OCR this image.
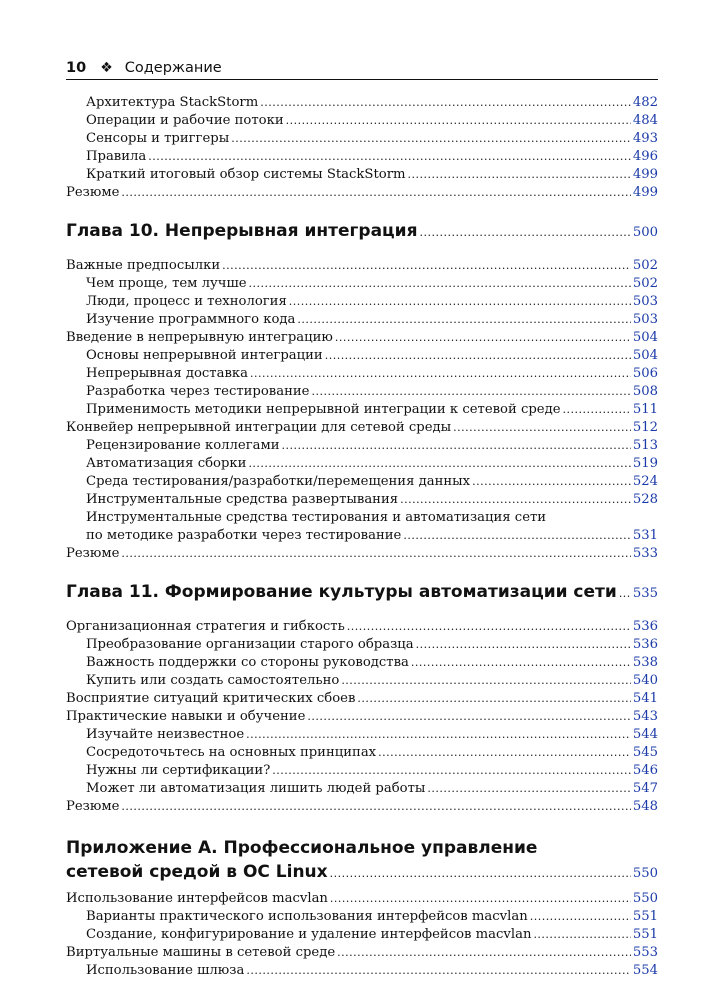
10 ❖ Содержание
Архитектура StackStorm .....	482
Операции и рабочие потоки .....	484
Сенсоры и триггеры .....	493
Правила .....	496
Краткий итоговый обзор системы StackStorm .....	499
Резюме .....	499
Глава 10. Непрерывная интеграция .....	500
Важные предпосылки .....	502
Чем проще, тем лучше .....	502
Люди, процесс и технология .....	503
Изучение программного кода .....	503
Введение в непрерывную интеграцию .....	504
Основы непрерывной интеграции .....	504
Непрерывная доставка .....	506
Разработка через тестирование .....	508
Применимость методики непрерывной интеграции к сетевой среде .....	511
Конвейер непрерывной интеграции для сетевой среды .....	512
Рецензирование коллегами .....	513
Автоматизация сборки .....	519
Среда тестирования/разработки/перемещения данных .....	524
Инструментальные средства развертывания .....	528
Инструментальные средства тестирования и автоматизация сети
по методике разработки через тестирование .....	531
Резюме .....	533
Глава 11. Формирование культуры автоматизации сети ..... 535
Организационная стратегия и гибкость .....	536
Преобразование организации старого образца .....	536
Важность поддержки со стороны руководства .....	538
Купить или создать самостоятельно .....	540
Восприятие ситуаций критических сбоев .....	541
Практические навыки и обучение .....	543
Изучайте неизвестное .....	544
Сосредоточьтесь на основных принципах .....	545
Нужны ли сертификации? .....	546
Может ли автоматизация лишить людей работы .....	547
Резюме .....	548
Приложение А. Профессиональное управление
сетевой средой в ОС Linux .....	550
Использование интерфейсов macvlan .....	550
Варианты практического использования интерфейсов macvlan .....	551
Создание, конфигурирование и удаление интерфейсов macvlan .....	551
Виртуальные машины в сетевой среде .....	553
Использование шлюза .....	554
